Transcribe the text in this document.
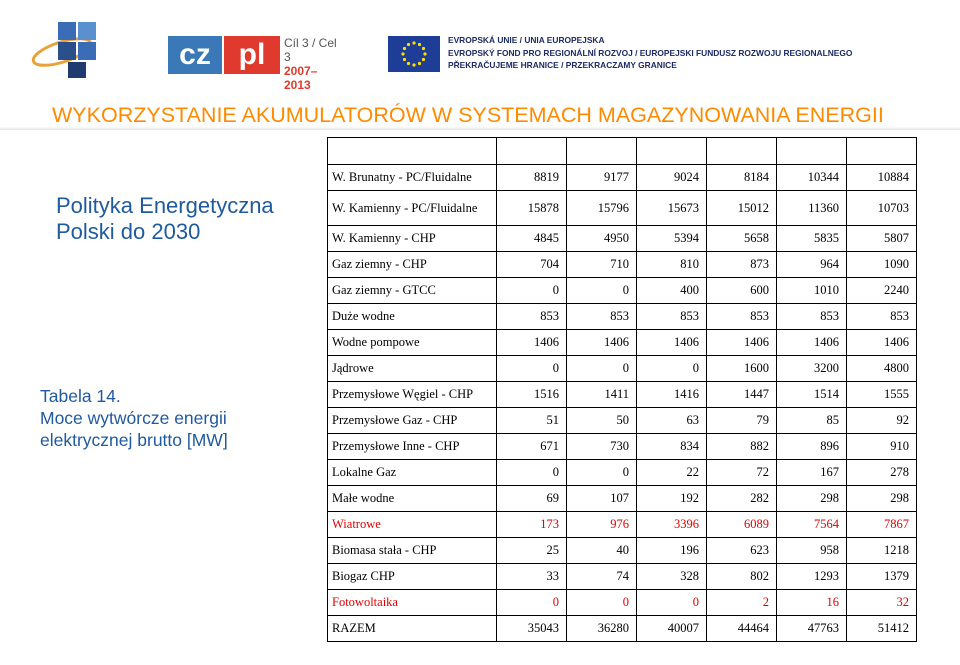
cz pl	Cíl 3 / Cel 3
2007–2013
EVROPSKÁ UNIE / UNIA EUROPEJSKA
EVROPSKÝ FOND PRO REGIONÁLNÍ ROZVOJ / EUROPEJSKI FUNDUSZ ROZWOJU REGIONALNEGO
PŘEKRAČUJEME HRANICE / PRZEKRACZAMY GRANICE
WYKORZYSTANIE AKUMULATORÓW W SYSTEMACH MAGAZYNOWANIA ENERGII
Polityka Energetyczna
Polski do 2030
Tabela 14.
Moce wytwórcze energii
elektrycznej brutto [MW]

W. Brunatny - PC/Fluidalne	8819	9177	9024	8184	10344	10884
W. Kamienny - PC/Fluidalne	15878	15796	15673	15012	11360	10703
W. Kamienny - CHP	4845	4950	5394	5658	5835	5807
Gaz ziemny - CHP	704	710	810	873	964	1090
Gaz ziemny - GTCC	0	0	400	600	1010	2240
Duże wodne	853	853	853	853	853	853
Wodne pompowe	1406	1406	1406	1406	1406	1406
Jądrowe	0	0	0	1600	3200	4800
Przemysłowe Węgiel - CHP	1516	1411	1416	1447	1514	1555
Przemysłowe Gaz - CHP	51	50	63	79	85	92
Przemysłowe Inne - CHP	671	730	834	882	896	910
Lokalne Gaz	0	0	22	72	167	278
Małe wodne	69	107	192	282	298	298
Wiatrowe	173	976	3396	6089	7564	7867
Biomasa stała - CHP	25	40	196	623	958	1218
Biogaz CHP	33	74	328	802	1293	1379
Fotowoltaika	0	0	0	2	16	32
RAZEM	35043	36280	40007	44464	47763	51412
